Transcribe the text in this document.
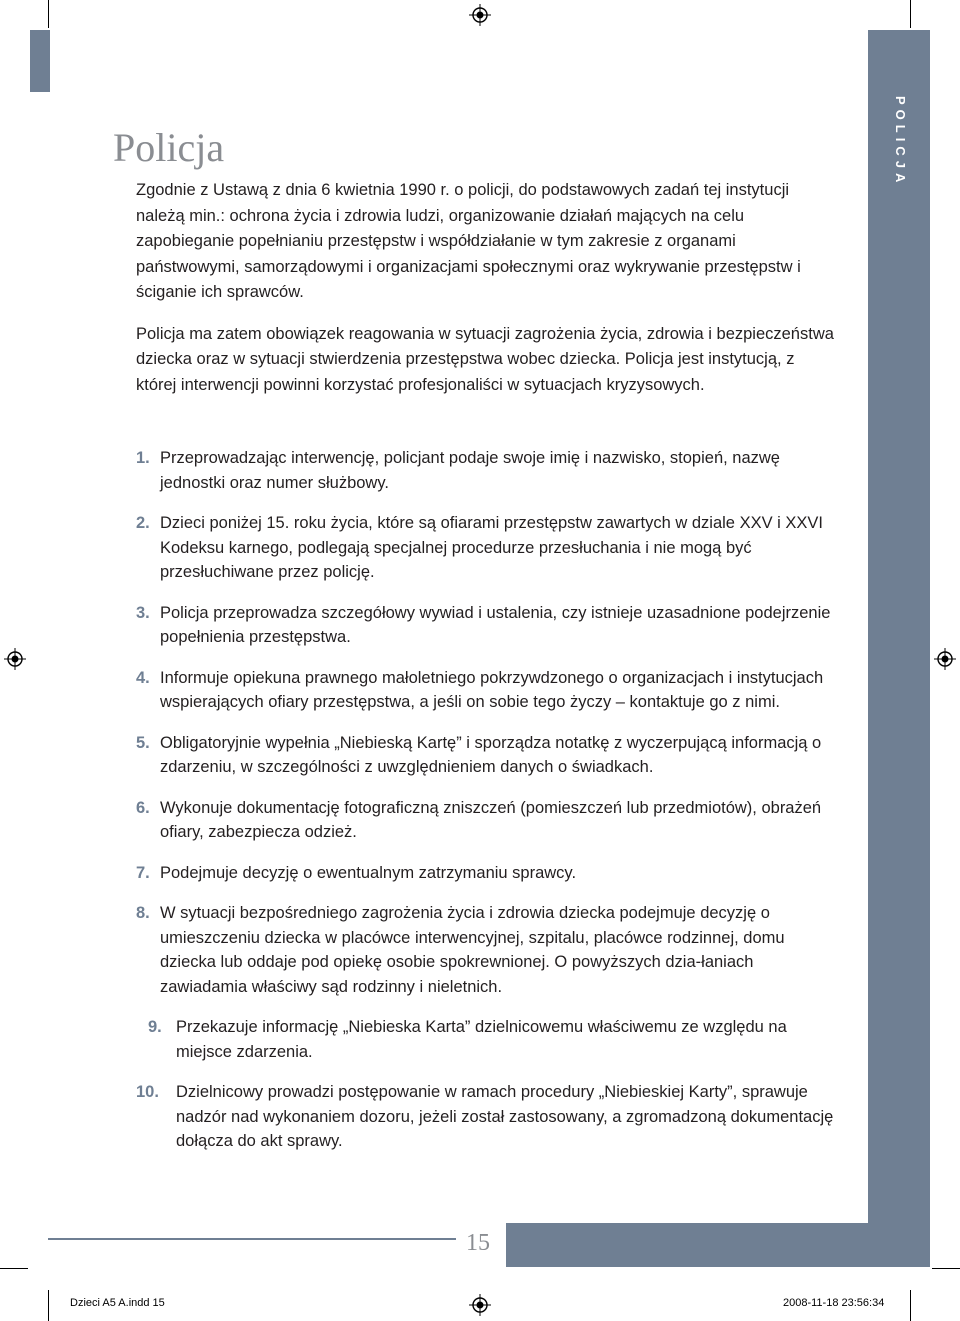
POLICJA
Policja

Zgodnie z Ustawą z dnia 6 kwietnia 1990 r. o policji, do podstawowych zadań tej instytucji należą min.: ochrona życia i zdrowia ludzi, organizowanie działań mających na celu zapobieganie popełnianiu przestępstw i współdziałanie w tym zakresie z organami państwowymi, samorządowymi i organizacjami społecznymi oraz wykrywanie przestępstw i ściganie ich sprawców.

Policja ma zatem obowiązek reagowania w sytuacji zagrożenia życia, zdrowia i bezpieczeństwa dziecka oraz w sytuacji stwierdzenia przestępstwa wobec dziecka. Policja jest instytucją, z której interwencji powinni korzystać profesjonaliści w sytuacjach kryzysowych.

1. Przeprowadzając interwencję, policjant podaje swoje imię i nazwisko, stopień, nazwę jednostki oraz numer służbowy.
2. Dzieci poniżej 15. roku życia, które są ofiarami przestępstw zawartych w dziale XXV i XXVI Kodeksu karnego, podlegają specjalnej procedurze przesłuchania i nie mogą być przesłuchiwane przez policję.
3. Policja przeprowadza szczegółowy wywiad i ustalenia, czy istnieje uzasadnione podejrzenie popełnienia przestępstwa.
4. Informuje opiekuna prawnego małoletniego pokrzywdzonego o organizacjach i instytucjach wspierających ofiary przestępstwa, a jeśli on sobie tego życzy – kontaktuje go z nimi.
5. Obligatoryjnie wypełnia „Niebieską Kartę” i sporządza notatkę z wyczerpującą informacją o zdarzeniu, w szczególności z uwzględnieniem danych o świadkach.
6. Wykonuje dokumentację fotograficzną zniszczeń (pomieszczeń lub przedmiotów), obrażeń ofiary, zabezpiecza odzież.
7. Podejmuje decyzję o ewentualnym zatrzymaniu sprawcy.
8. W sytuacji bezpośredniego zagrożenia życia i zdrowia dziecka podejmuje decyzję o umieszczeniu dziecka w placówce interwencyjnej, szpitalu, placówce rodzinnej, domu dziecka lub oddaje pod opiekę osobie spokrewnionej. O powyższych dzia-łaniach zawiadamia właściwy sąd rodzinny i nieletnich.
9. Przekazuje informację „Niebieska Karta” dzielnicowemu właściwemu ze względu na miejsce zdarzenia.
10.	Dzielnicowy prowadzi postępowanie w ramach procedury „Niebieskiej Karty”, sprawuje nadzór nad wykonaniem dozoru, jeżeli został zastosowany, a zgromadzoną dokumentację dołącza do akt sprawy.
15
Dzieci A5 A.indd 15	2008-11-18 23:56:34
